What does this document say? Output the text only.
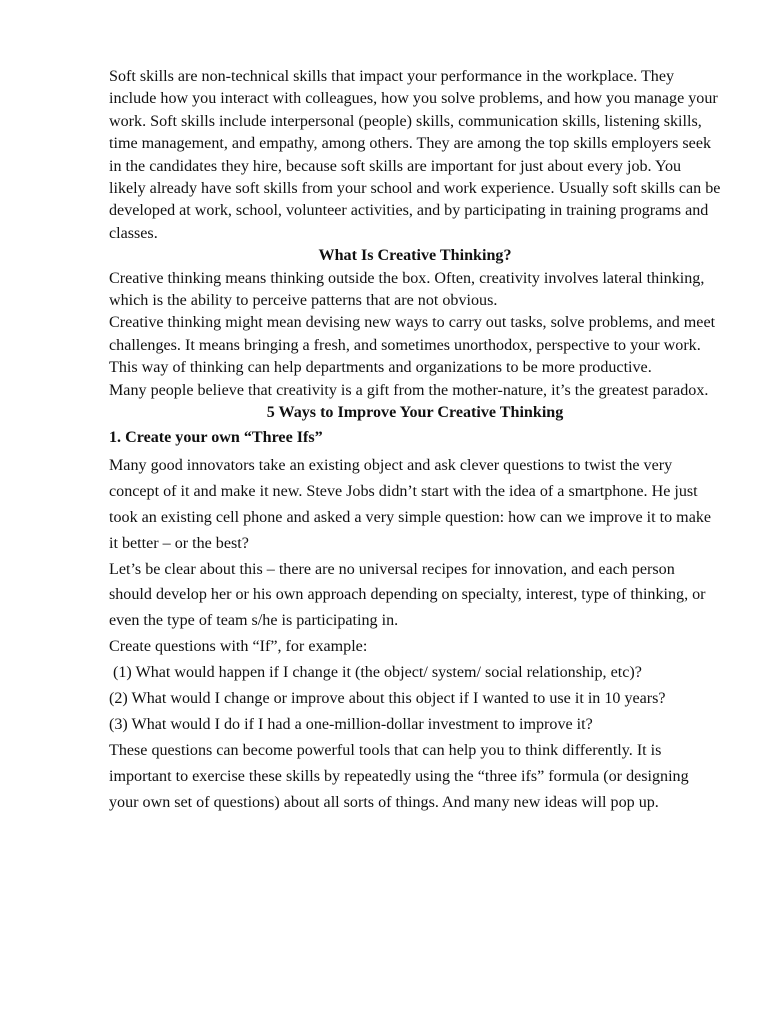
Soft skills are non-technical skills that impact your performance in the workplace. They include how you interact with colleagues, how you solve problems, and how you manage your work. Soft skills include interpersonal (people) skills, communication skills, listening skills, time management, and empathy, among others. They are among the top skills employers seek in the candidates they hire, because soft skills are important for just about every job. You likely already have soft skills from your school and work experience. Usually soft skills can be developed at work, school, volunteer activities, and by participating in training programs and classes.

What Is Creative Thinking?

Creative thinking means thinking outside the box. Often, creativity involves lateral thinking, which is the ability to perceive patterns that are not obvious.

Creative thinking might mean devising new ways to carry out tasks, solve problems, and meet challenges. It means bringing a fresh, and sometimes unorthodox, perspective to your work. This way of thinking can help departments and organizations to be more productive.

Many people believe that creativity is a gift from the mother-nature, it’s the greatest paradox.

5 Ways to Improve Your Creative Thinking

1. Create your own “Three Ifs”

Many good innovators take an existing object and ask clever questions to twist the very concept of it and make it new. Steve Jobs didn’t start with the idea of a smartphone. He just took an existing cell phone and asked a very simple question: how can we improve it to make it better – or the best?

Let’s be clear about this – there are no universal recipes for innovation, and each person should develop her or his own approach depending on specialty, interest, type of thinking, or even the type of team s/he is participating in.

Create questions with “If”, for example:

(1) What would happen if I change it (the object/ system/ social relationship, etc)?

(2) What would I change or improve about this object if I wanted to use it in 10 years?

(3) What would I do if I had a one-million-dollar investment to improve it?

These questions can become powerful tools that can help you to think differently. It is important to exercise these skills by repeatedly using the “three ifs” formula (or designing your own set of questions) about all sorts of things. And many new ideas will pop up.
